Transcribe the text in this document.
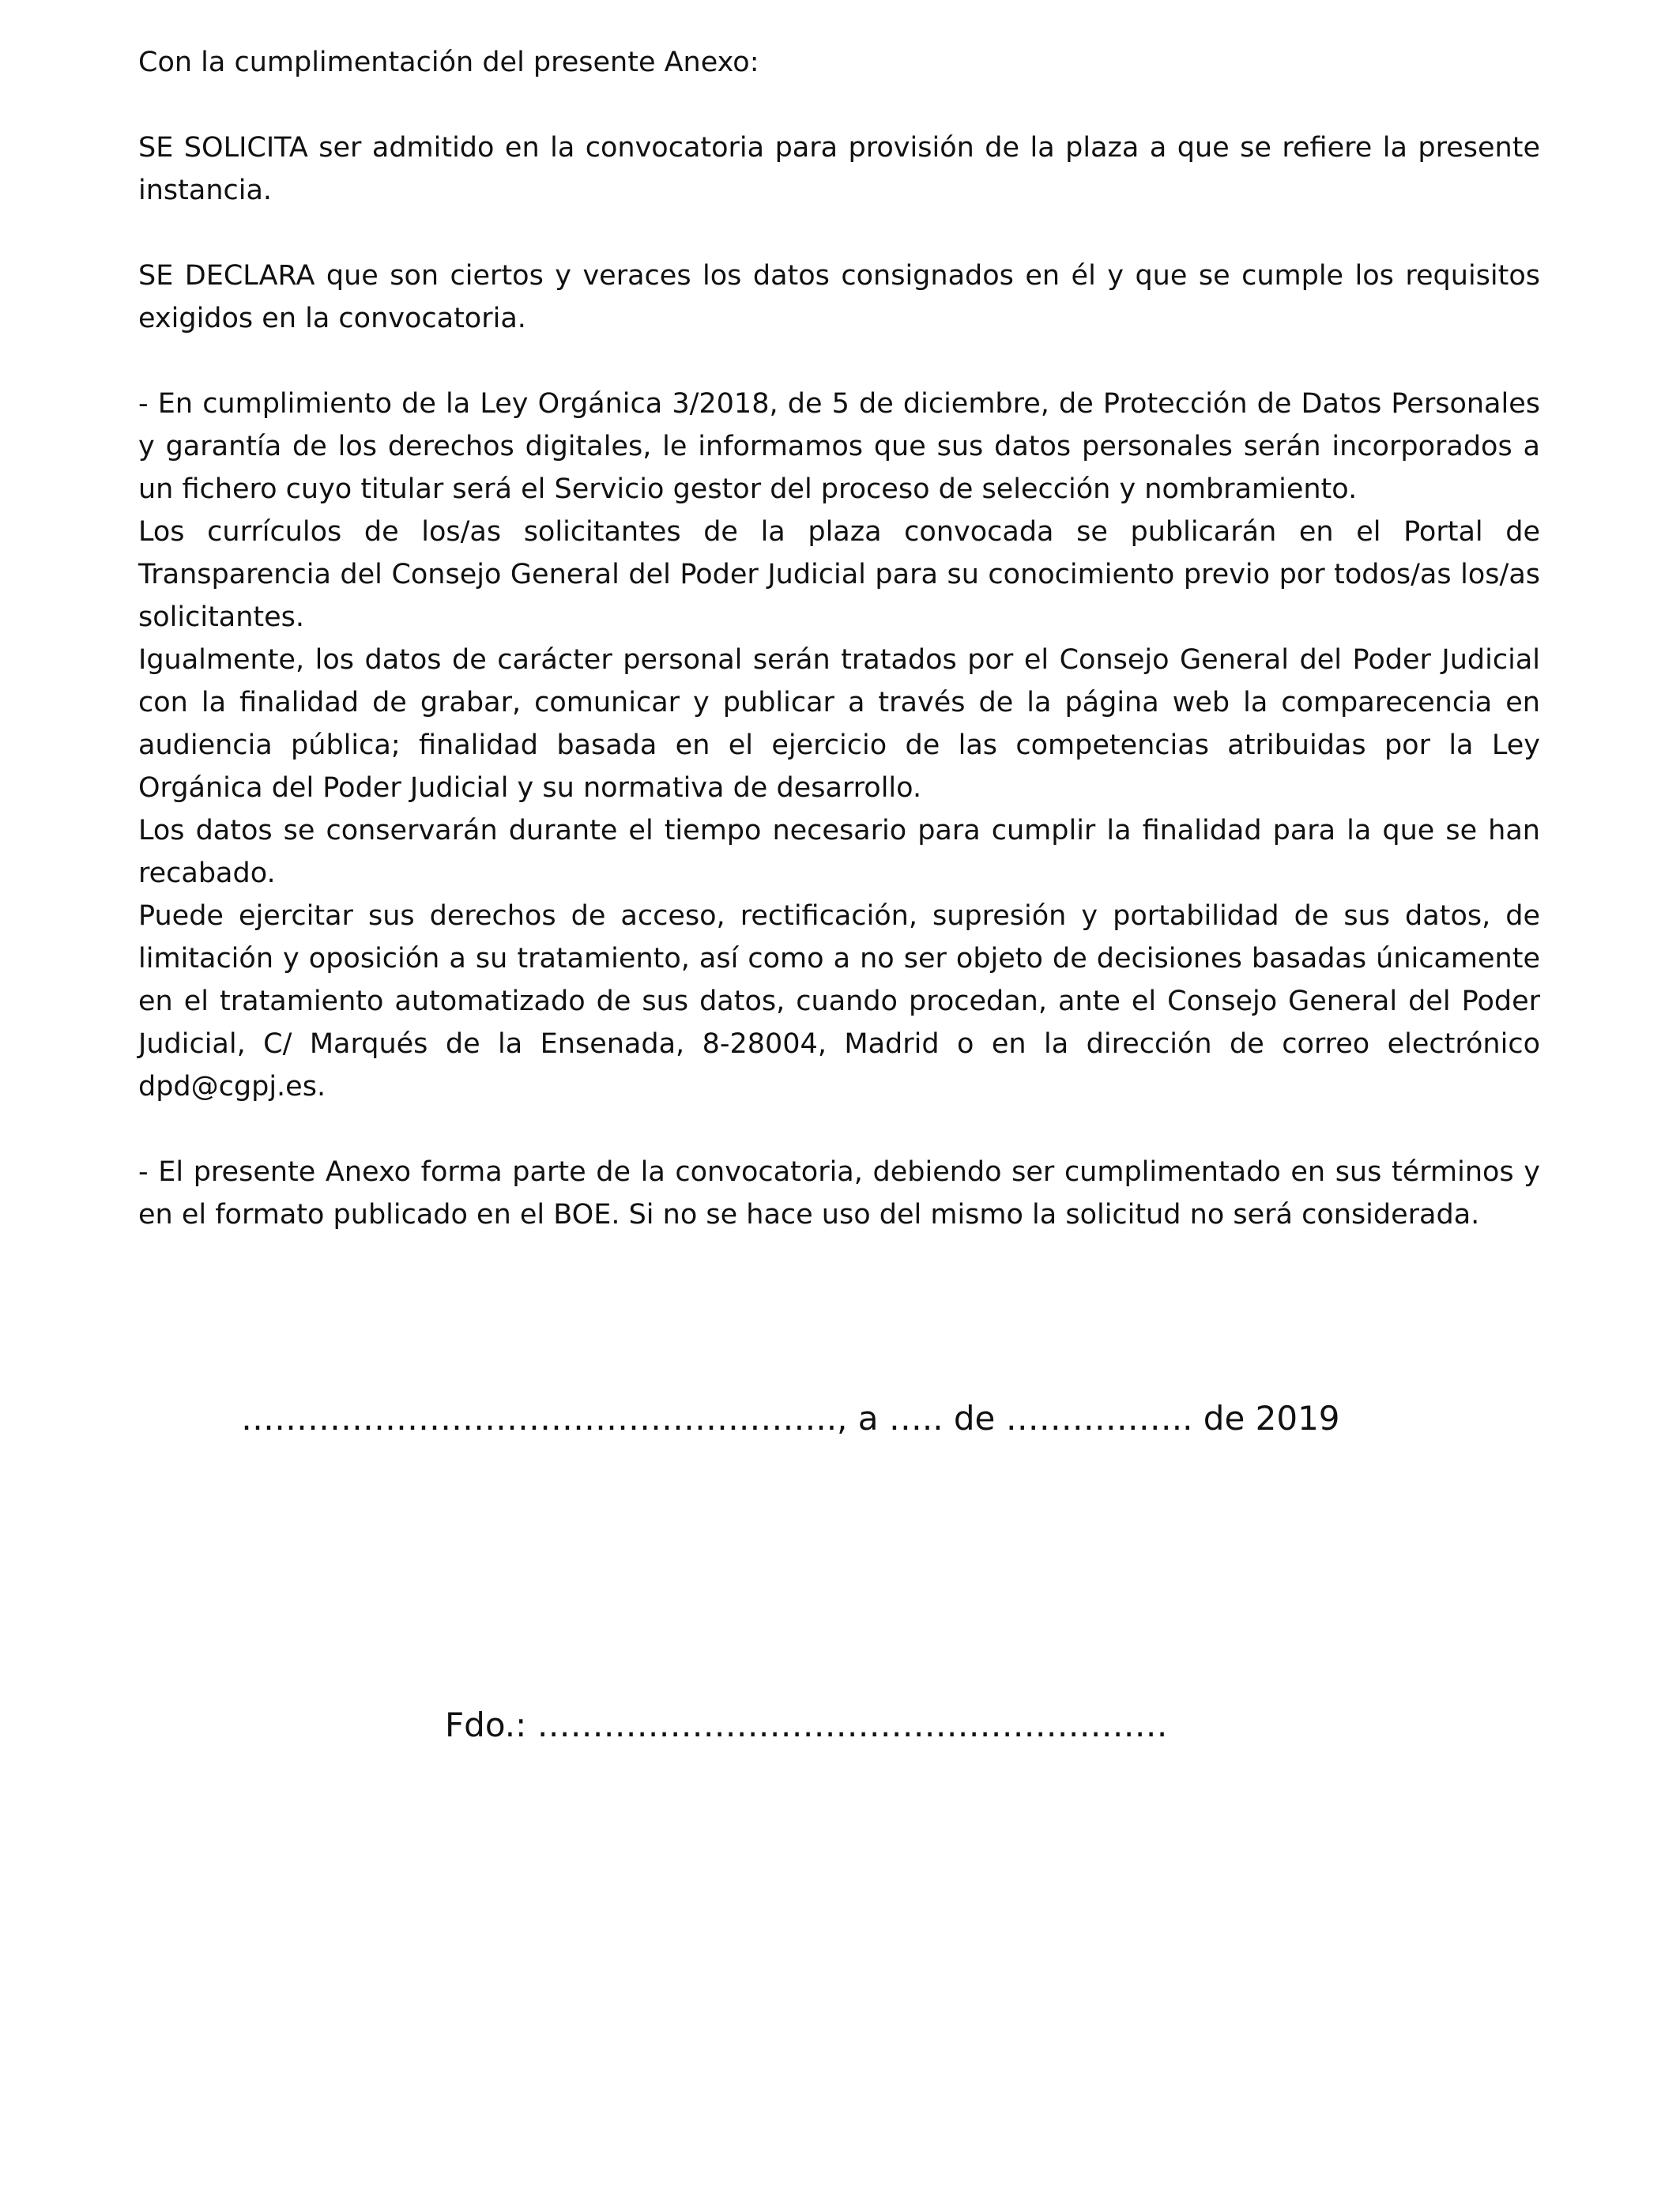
Con la cumplimentación del presente Anexo:

SE SOLICITA ser admitido en la convocatoria para provisión de la plaza a que se refiere la presente instancia.

SE DECLARA que son ciertos y veraces los datos consignados en él y que se cumple los requisitos exigidos en la convocatoria.

- En cumplimiento de la Ley Orgánica 3/2018, de 5 de diciembre, de Protección de Datos Personales y garantía de los derechos digitales, le informamos que sus datos personales serán incorporados a un fichero cuyo titular será el Servicio gestor del proceso de selección y nombramiento.

Los currículos de los/as solicitantes de la plaza convocada se publicarán en el Portal de Transparencia del Consejo General del Poder Judicial para su conocimiento previo por todos/as los/as solicitantes.

Igualmente, los datos de carácter personal serán tratados por el Consejo General del Poder Judicial con la finalidad de grabar, comunicar y publicar a través de la página web la comparecencia en audiencia pública; finalidad basada en el ejercicio de las competencias atribuidas por la Ley Orgánica del Poder Judicial y su normativa de desarrollo.

Los datos se conservarán durante el tiempo necesario para cumplir la finalidad para la que se han recabado.

Puede ejercitar sus derechos de acceso, rectificación, supresión y portabilidad de sus datos, de limitación y oposición a su tratamiento, así como a no ser objeto de decisiones basadas únicamente en el tratamiento automatizado de sus datos, cuando procedan, ante el Consejo General del Poder Judicial, C/ Marqués de la Ensenada, 8-28004, Madrid o en la dirección de correo electrónico dpd@cgpj.es.

- El presente Anexo forma parte de la convocatoria, debiendo ser cumplimentado en sus términos y en el formato publicado en el BOE. Si no se hace uso del mismo la solicitud no será considerada.

……………………………………….…….., a ….. de …………….. de 2019
Fdo.: …………………………………………………
